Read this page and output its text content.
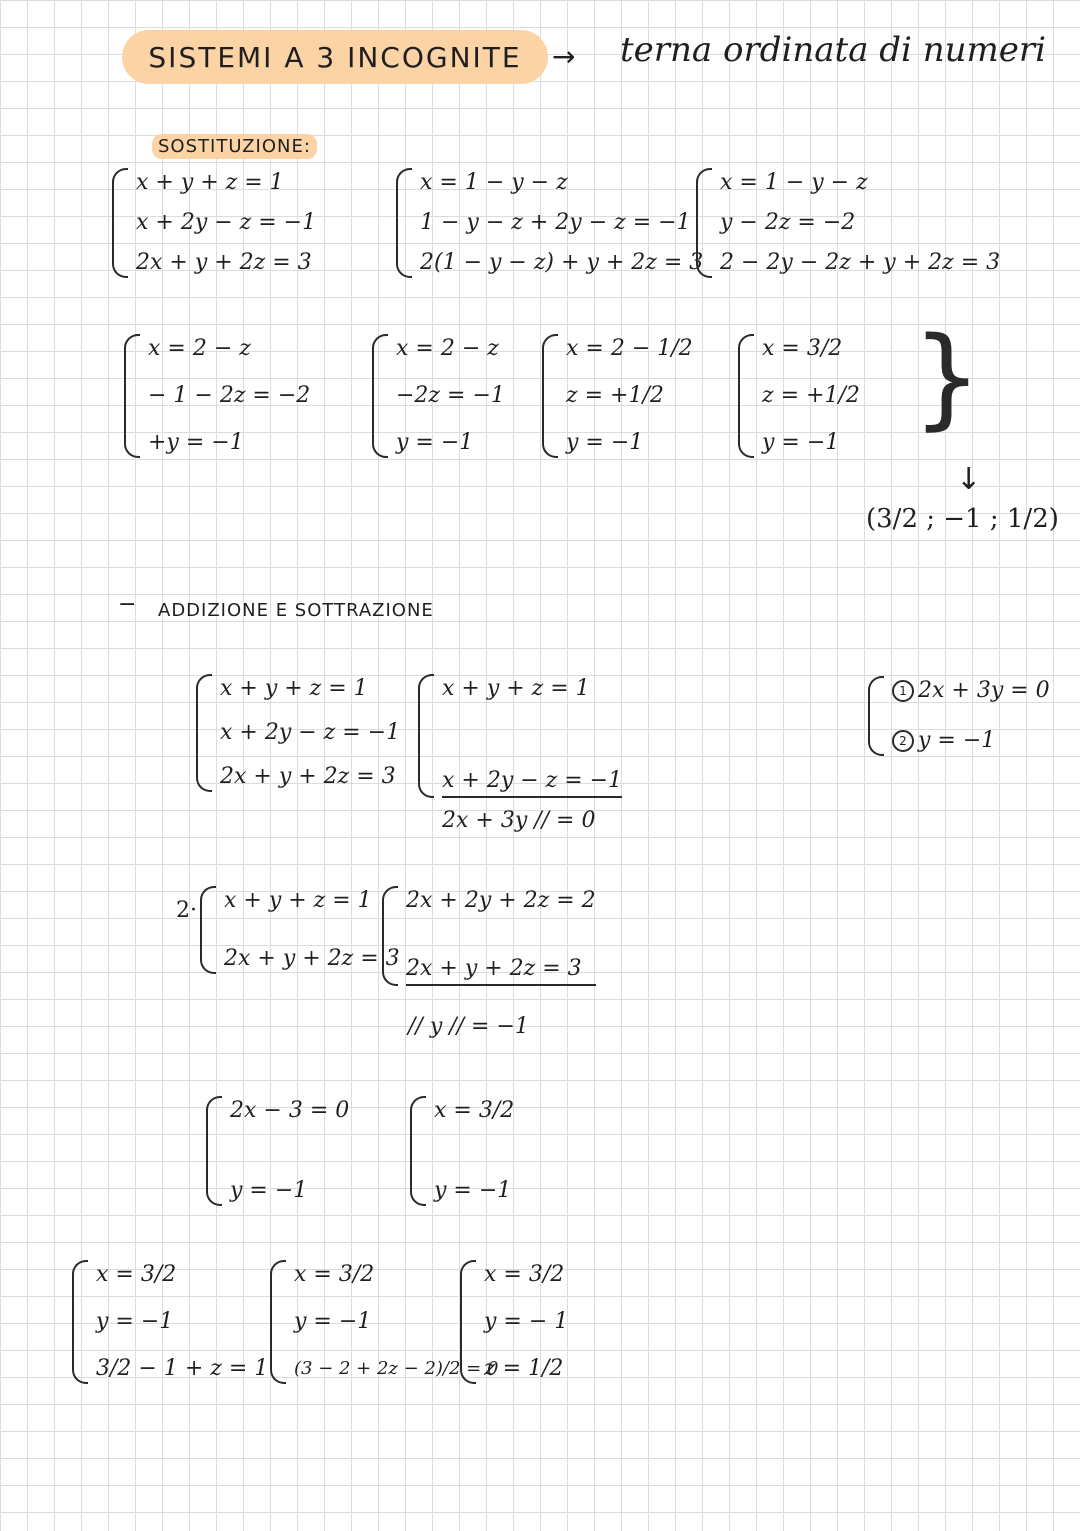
SISTEMI A 3 INCOGNITE	→ terna ordinata di numeri
SOSTITUZIONE:
x + y + z = 1
x + 2y − z = −1
2x + y + 2z = 3
x = 1 − y − z
1 − y − z + 2y − z = −1
2(1 − y − z) + y + 2z = 3
x = 1 − y − z
y − 2z = −2
2 − 2y − 2z + y + 2z = 3
x = 2 − z
− 1 − 2z = −2
+y = −1
x = 2 − z
−2z = −1
y = −1
x = 2 − 1/2
z = +1/2
y = −1
x = 3/2
z = +1/2
y = −1
}
↓
(3/2 ; −1 ; 1/2)
− ADDIZIONE E SOTTRAZIONE
x + y + z = 1
x + 2y − z = −1
2x + y + 2z = 3
x + y + z = 1
x + 2y − z = −1
2x + 3y // = 0
2· x + y + z = 1
2x + y + 2z = 3
2x + 2y + 2z = 2
2x + y + 2z = 3
// y // = −1
2x − 3 = 0
y = −1
x = 3/2
y = −1
x = 3/2
y = −1
3/2 − 1 + z = 1
x = 3/2
y = −1
(3 − 2 + 2z − 2)/2 = 0
x = 3/2
y = − 1
z = 1/2
1 2x + 3y = 0
2 y = −1
